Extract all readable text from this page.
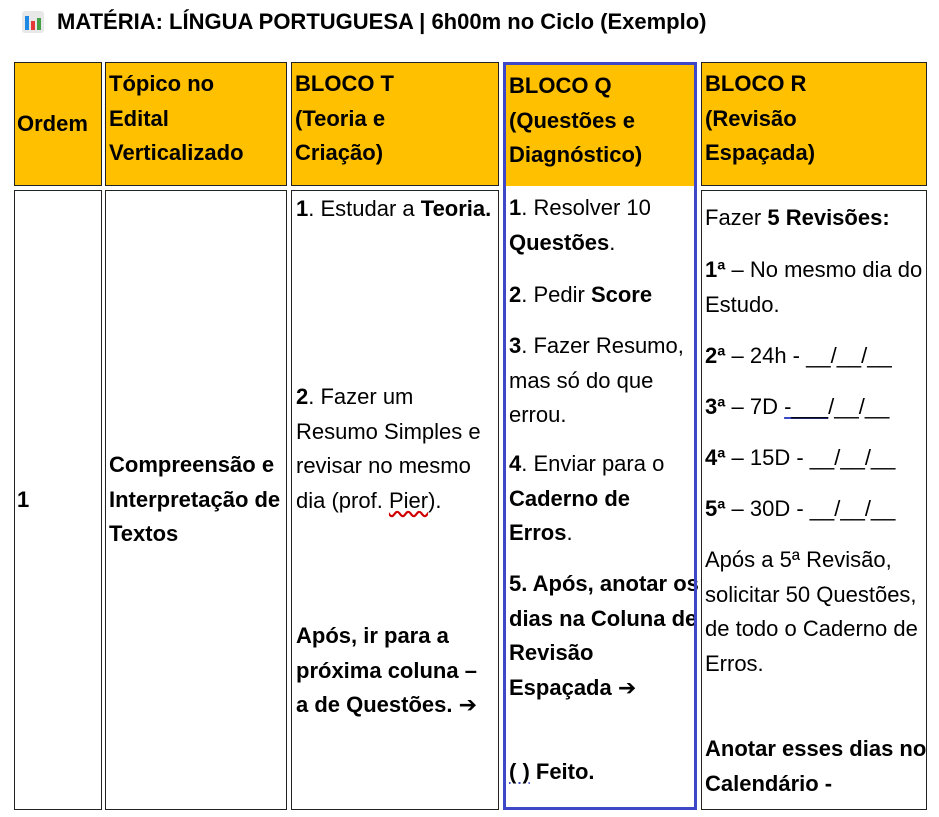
MATÉRIA: LÍNGUA PORTUGUESA | 6h00m no Ciclo (Exemplo)
Ordem
Tópico no
Edital
Verticalizado
BLOCO T
(Teoria e
Criação)
BLOCO Q
(Questões e
Diagnóstico)
BLOCO R
(Revisão
Espaçada)
1
Compreensão e Interpretação de Textos

1. Estudar a Teoria.

2. Fazer um Resumo Simples e revisar no mesmo dia (prof. Pier).

Após, ir para a próxima coluna – a de Questões. ➔

1. Resolver 10 Questões.

2. Pedir Score

3. Fazer Resumo, mas só do que errou.

4. Enviar para o Caderno de Erros.

5. Após, anotar os dias na Coluna de Revisão Espaçada ➔

( ) Feito.

Fazer 5 Revisões:

1ª – No mesmo dia do Estudo.

2ª – 24h - __/__/__

3ª – 7D -___/__/__

4ª – 15D - __/__/__

5ª – 30D - __/__/__

Após a 5ª Revisão, solicitar 50 Questões, de todo o Caderno de Erros.

Anotar esses dias no Calendário -
